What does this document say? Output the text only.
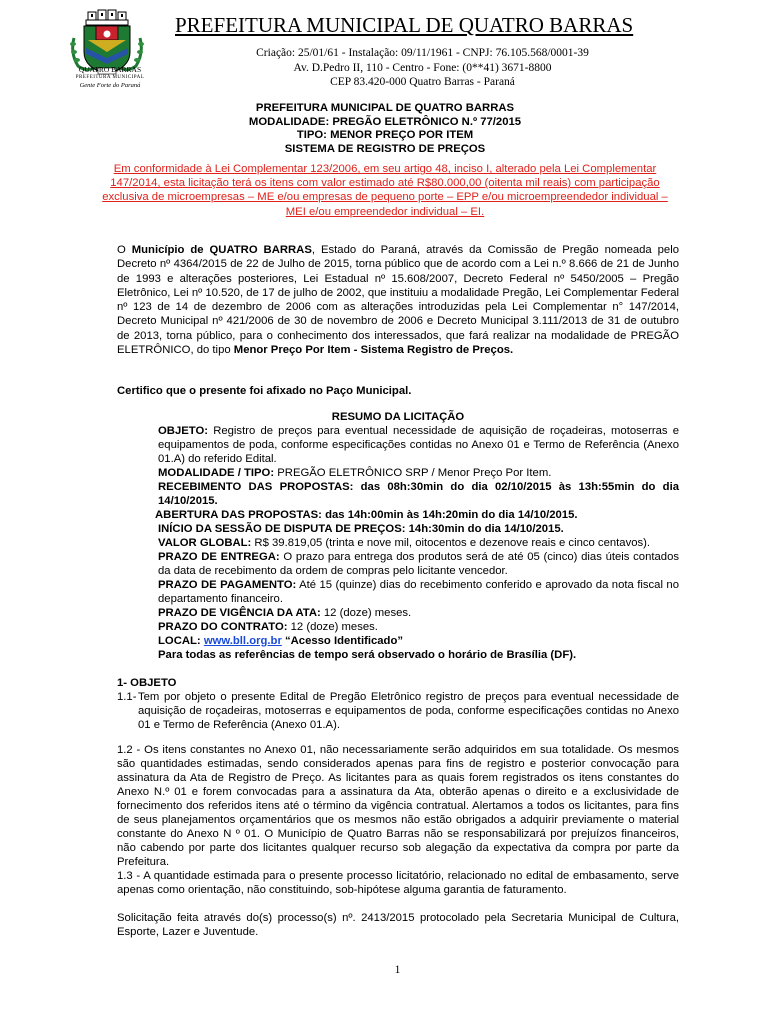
QUATRO BARRAS
PREFEITURA MUNICIPAL
Gente Forte do Paraná
PREFEITURA MUNICIPAL DE QUATRO BARRAS
Criação: 25/01/61 - Instalação: 09/11/1961 - CNPJ: 76.105.568/0001-39
Av. D.Pedro II, 110 - Centro - Fone: (0**41) 3671-8800
CEP 83.420-000 Quatro Barras - Paraná
PREFEITURA MUNICIPAL DE QUATRO BARRAS
MODALIDADE: PREGÃO ELETRÔNICO N.º 77/2015
TIPO: MENOR PREÇO POR ITEM
SISTEMA DE REGISTRO DE PREÇOS
Em conformidade à Lei Complementar 123/2006, em seu artigo 48, inciso I, alterado pela Lei Complementar 147/2014, esta licitação terá os itens com valor estimado até R$80.000,00 (oitenta mil reais) com participação exclusiva de microempresas – ME e/ou empresas de pequeno porte – EPP e/ou microempreendedor individual – MEI e/ou empreendedor individual – EI.
O Município de QUATRO BARRAS, Estado do Paraná, através da Comissão de Pregão nomeada pelo Decreto nº 4364/2015 de 22 de Julho de 2015, torna público que de acordo com a Lei n.º 8.666 de 21 de Junho de 1993 e alterações posteriores, Lei Estadual nº 15.608/2007, Decreto Federal nº 5450/2005 – Pregão Eletrônico, Lei nº 10.520, de 17 de julho de 2002, que instituiu a modalidade Pregão, Lei Complementar Federal nº 123 de 14 de dezembro de 2006 com as alterações introduzidas pela Lei Complementar n° 147/2014, Decreto Municipal nº 421/2006 de 30 de novembro de 2006 e Decreto Municipal 3.111/2013 de 31 de outubro de 2013, torna público, para o conhecimento dos interessados, que fará realizar na modalidade de PREGÃO ELETRÔNICO, do tipo Menor Preço Por Item - Sistema Registro de Preços.
Certifico que o presente foi afixado no Paço Municipal.
RESUMO DA LICITAÇÃO

OBJETO: Registro de preços para eventual necessidade de aquisição de roçadeiras, motoserras e equipamentos de poda, conforme especificações contidas no Anexo 01 e Termo de Referência (Anexo 01.A) do referido Edital.

MODALIDADE / TIPO: PREGÃO ELETRÔNICO SRP / Menor Preço Por Item.

RECEBIMENTO DAS PROPOSTAS: das 08h:30min do dia 02/10/2015 às 13h:55min do dia 14/10/2015.

ABERTURA DAS PROPOSTAS: das 14h:00min às 14h:20min do dia 14/10/2015.

INÍCIO DA SESSÃO DE DISPUTA DE PREÇOS: 14h:30min do dia 14/10/2015.

VALOR GLOBAL: R$ 39.819,05 (trinta e nove mil, oitocentos e dezenove reais e cinco centavos).

PRAZO DE ENTREGA: O prazo para entrega dos produtos será de até 05 (cinco) dias úteis contados da data de recebimento da ordem de compras pelo licitante vencedor.

PRAZO DE PAGAMENTO: Até 15 (quinze) dias do recebimento conferido e aprovado da nota fiscal no departamento financeiro.

PRAZO DE VIGÊNCIA DA ATA: 12 (doze) meses.

PRAZO DO CONTRATO: 12 (doze) meses.

LOCAL: www.bll.org.br “Acesso Identificado”

Para todas as referências de tempo será observado o horário de Brasília (DF).

1- OBJETO
1.1- Tem por objeto o presente Edital de Pregão Eletrônico registro de preços para eventual necessidade de aquisição de roçadeiras, motoserras e equipamentos de poda, conforme especificações contidas no Anexo 01 e Termo de Referência (Anexo 01.A).
1.2 - Os itens constantes no Anexo 01, não necessariamente serão adquiridos em sua totalidade. Os mesmos são quantidades estimadas, sendo considerados apenas para fins de registro e posterior convocação para assinatura da Ata de Registro de Preço. As licitantes para as quais forem registrados os itens constantes do Anexo N.º 01 e forem convocadas para a assinatura da Ata, obterão apenas o direito e a exclusividade de fornecimento dos referidos itens até o término da vigência contratual. Alertamos a todos os licitantes, para fins de seus planejamentos orçamentários que os mesmos não estão obrigados a adquirir previamente o material constante do Anexo N º 01. O Município de Quatro Barras não se responsabilizará por prejuízos financeiros, não cabendo por parte dos licitantes qualquer recurso sob alegação da expectativa da compra por parte da Prefeitura.
1.3 - A quantidade estimada para o presente processo licitatório, relacionado no edital de embasamento, serve apenas como orientação, não constituindo, sob-hipótese alguma garantia de faturamento.
Solicitação feita através do(s) processo(s) nº. 2413/2015 protocolado pela Secretaria Municipal de Cultura, Esporte, Lazer e Juventude.
1
